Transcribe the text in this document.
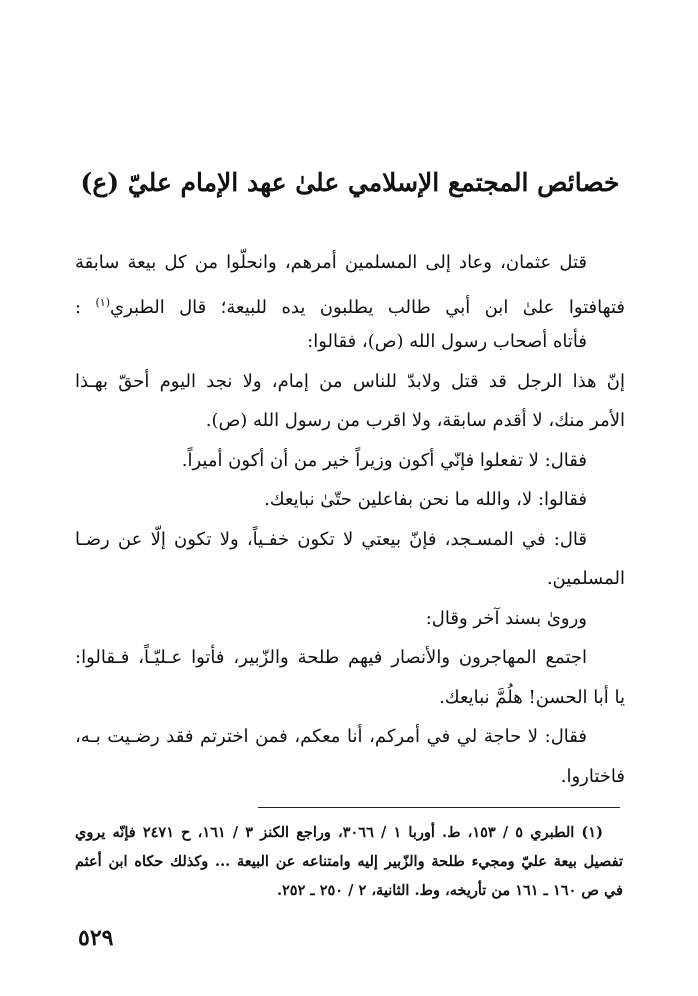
خصائص المجتمع الإسلامي علىٰ عهد الإمام عليّ (ع)
قتل عثمان، وعاد إلى المسلمين أمرهم، وانحلّوا من كل بيعة سابقة
فتهافتوا علىٰ ابن أبي طالب يطلبون يده للبيعة؛ قال الطبري$^{(١)}$ :
فأتاه أصحاب رسول الله (ص)، فقالوا:
إنّ هذا الرجل قد قتل ولابدّ للناس من إمام، ولا نجد اليوم أحقّ بهـذا
الأمر منك، لا أقدم سابقة، ولا اقرب من رسول الله (ص).
فقال: لا تفعلوا فإنّي أكون وزيراً خير من أن أكون أميراً.
فقالوا: لا، والله ما نحن بفاعلين حتّىٰ نبايعك.
قال: في المسـجد، فإنّ بيعتي لا تكون خفـياً، ولا تكون إلّا عن رضـا
المسلمين.
ورویٰ بسند آخر وقال:
اجتمع المهاجرون والأنصار فيهم طلحة والزّبير، فأتوا عـليّـاً، فـقالوا:
يا أبا الحسن! هلُمَّ نبايعك.
فقال: لا حاجة لي في أمركم، أنا معكم، فمن اخترتم فقد رضـيت بـه،
فاختاروا.
(١) الطبري ٥ / ١٥٣، ط. أوربا ١ / ٣٠٦٦، وراجع الكنز ٣ / ١٦١، ح ٢٤٧١ فإنّه يروي
تفصيل بيعة عليّ ومجيء طلحة والزّبير إليه وامتناعه عن البيعة ... وكذلك حكاه ابن أعثم
في ص ١٦٠ ـ ١٦١ من تأريخه، وط. الثانية، ٢ / ٢٥٠ ـ ٢٥٢.
٥٢٩
